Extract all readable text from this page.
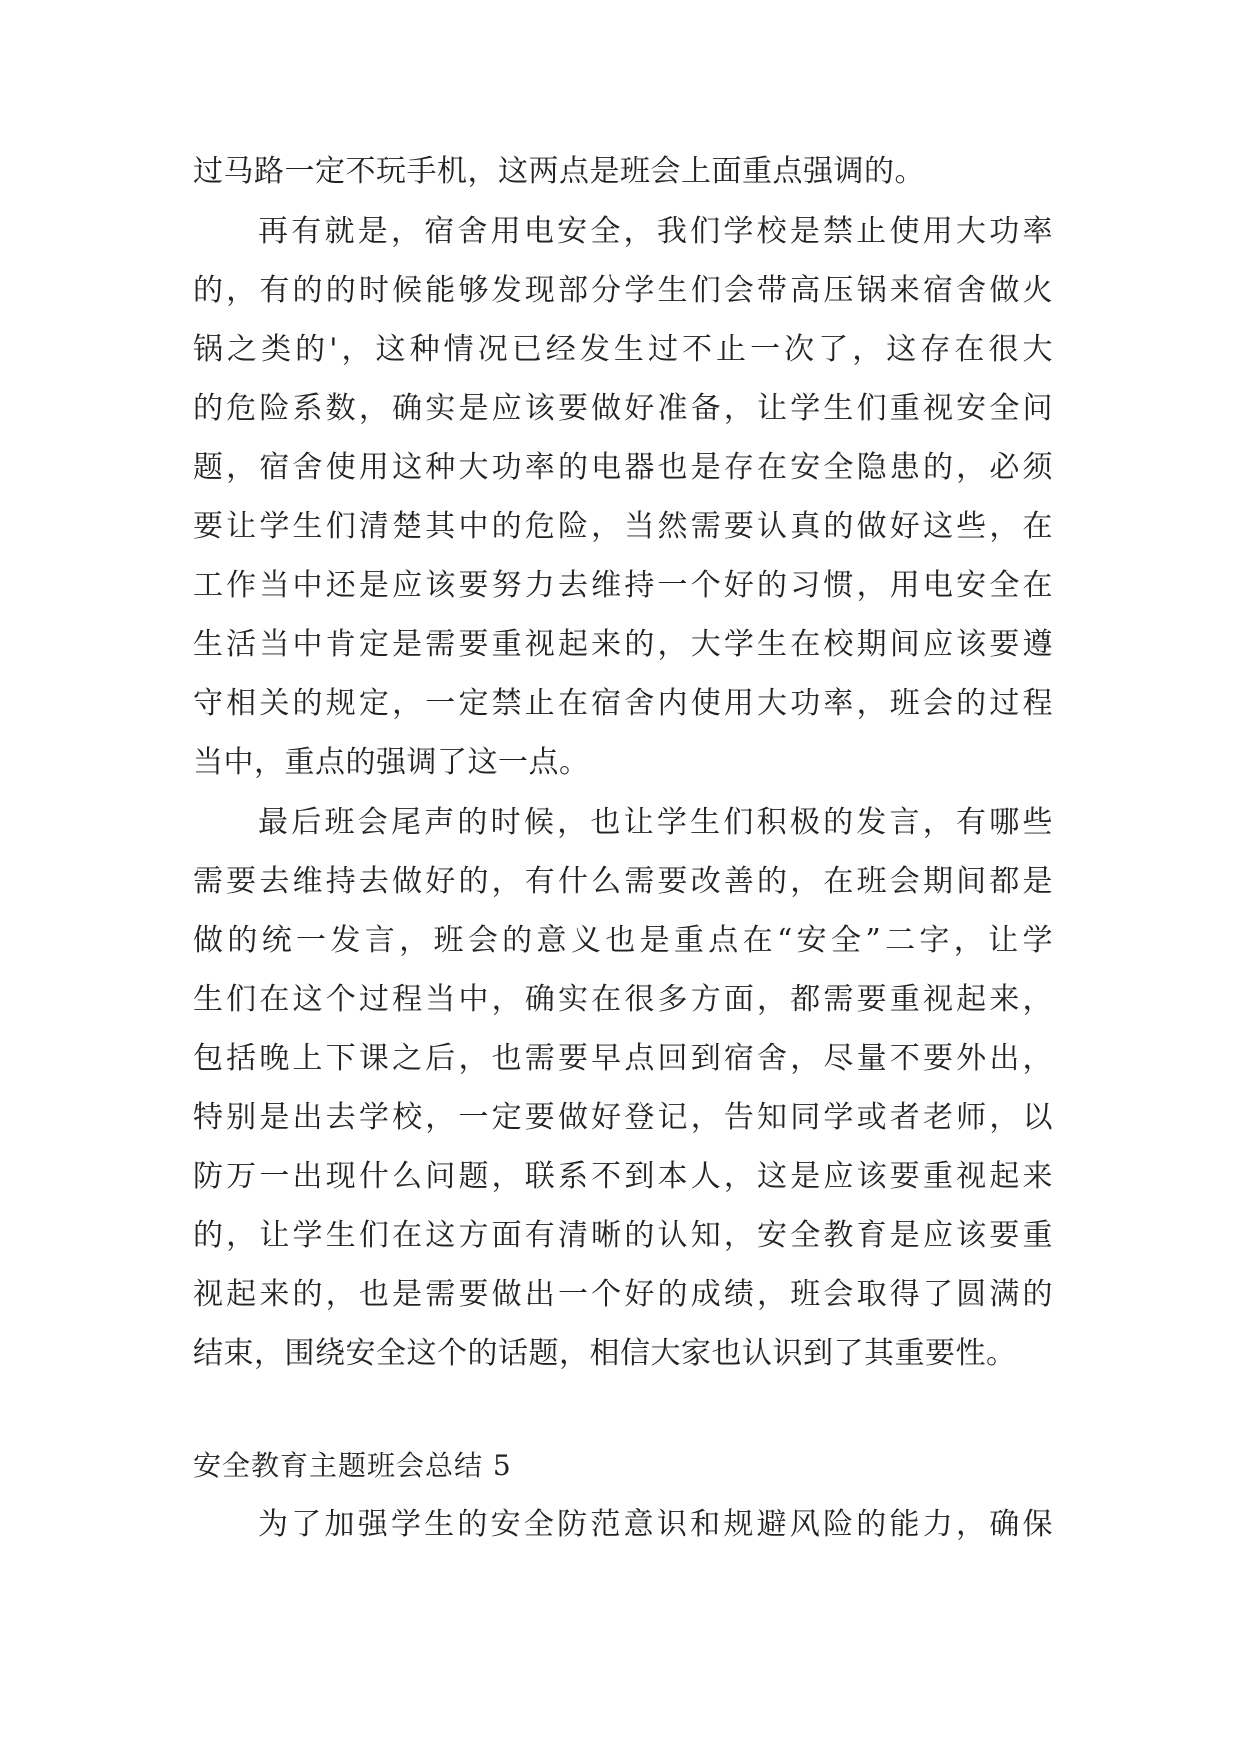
过马路一定不玩手机，这两点是班会上面重点强调的。
再有就是，宿舍用电安全，我们学校是禁止使用大功率
的，有的的时候能够发现部分学生们会带高压锅来宿舍做火
锅之类的'，这种情况已经发生过不止一次了，这存在很大
的危险系数，确实是应该要做好准备，让学生们重视安全问
题，宿舍使用这种大功率的电器也是存在安全隐患的，必须
要让学生们清楚其中的危险，当然需要认真的做好这些，在
工作当中还是应该要努力去维持一个好的习惯，用电安全在
生活当中肯定是需要重视起来的，大学生在校期间应该要遵
守相关的规定，一定禁止在宿舍内使用大功率，班会的过程
当中，重点的强调了这一点。
最后班会尾声的时候，也让学生们积极的发言，有哪些
需要去维持去做好的，有什么需要改善的，在班会期间都是
做的统一发言，班会的意义也是重点在“安全”二字，让学
生们在这个过程当中，确实在很多方面，都需要重视起来，
包括晚上下课之后，也需要早点回到宿舍，尽量不要外出，
特别是出去学校，一定要做好登记，告知同学或者老师，以
防万一出现什么问题，联系不到本人，这是应该要重视起来
的，让学生们在这方面有清晰的认知，安全教育是应该要重
视起来的，也是需要做出一个好的成绩，班会取得了圆满的
结束，围绕安全这个的话题，相信大家也认识到了其重要性。
安全教育主题班会总结 5
为了加强学生的安全防范意识和规避风险的能力，确保
